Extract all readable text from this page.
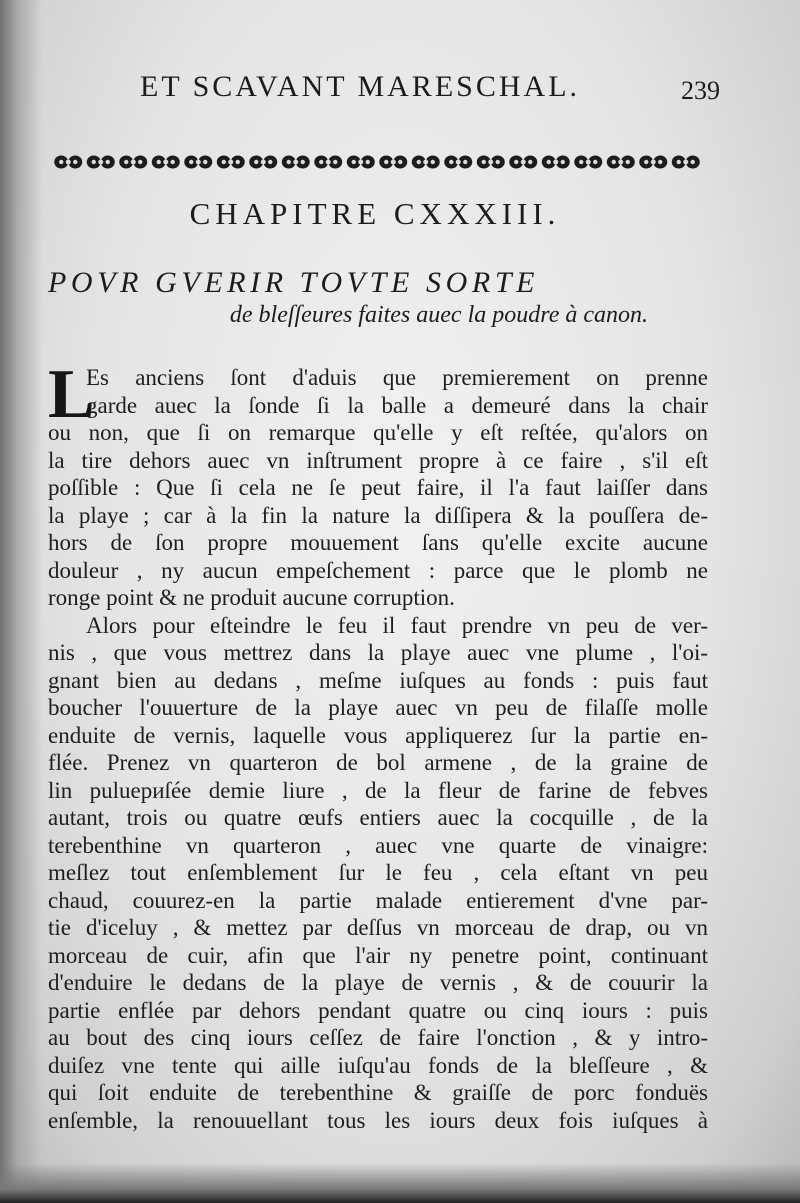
ET SCAVANT MARESCHAL.	239
CHAPITRE CXXXIII.
POVR GVERIR TOVTE SORTE
de bleſſeures faites auec la poudre à canon.
L
Es anciens ſont d'aduis que premierement on prenne
garde auec la ſonde ſi la balle a demeuré dans la chair
ou non, que ſi on remarque qu'elle y eſt reſtée, qu'alors on
la tire dehors auec vn inſtrument propre à ce faire , s'il eſt
poſſible : Que ſi cela ne ſe peut faire, il l'a faut laiſſer dans
la playe ; car à la fin la nature la diſſipera & la pouſſera de-
hors de ſon propre mouuement ſans qu'elle excite aucune
douleur , ny aucun empeſchement : parce que le plomb ne
ronge point & ne produit aucune corruption.
Alors pour eſteindre le feu il faut prendre vn peu de ver-
nis , que vous mettrez dans la playe auec vne plume , l'oi-
gnant bien au dedans , meſme iuſques au fonds : puis faut
boucher l'ouuerture de la playe auec vn peu de filaſſe molle
enduite de vernis, laquelle vous appliquerez ſur la partie en-
flée. Prenez vn quarteron de bol armene , de la graine de
lin puluериſée demie liure , de la fleur de farine de febves
autant, trois ou quatre œufs entiers auec la cocquille , de la
terebenthine vn quarteron , auec vne quarte de vinaigre:
meſlez tout enſemblement ſur le feu , cela eſtant vn peu
chaud, couurez-en la partie malade entierement d'vne par-
tie d'iceluy , & mettez par deſſus vn morceau de drap, ou vn
morceau de cuir, afin que l'air ny penetre point, continuant
d'enduire le dedans de la playe de vernis , & de couurir la
partie enflée par dehors pendant quatre ou cinq iours : puis
au bout des cinq iours ceſſez de faire l'onction , & y intro-
duiſez vne tente qui aille iuſqu'au fonds de la bleſſeure , &
qui ſoit enduite de terebenthine & graiſſe de porc fonduës
enſemble, la renouuellant tous les iours deux fois iuſques à
